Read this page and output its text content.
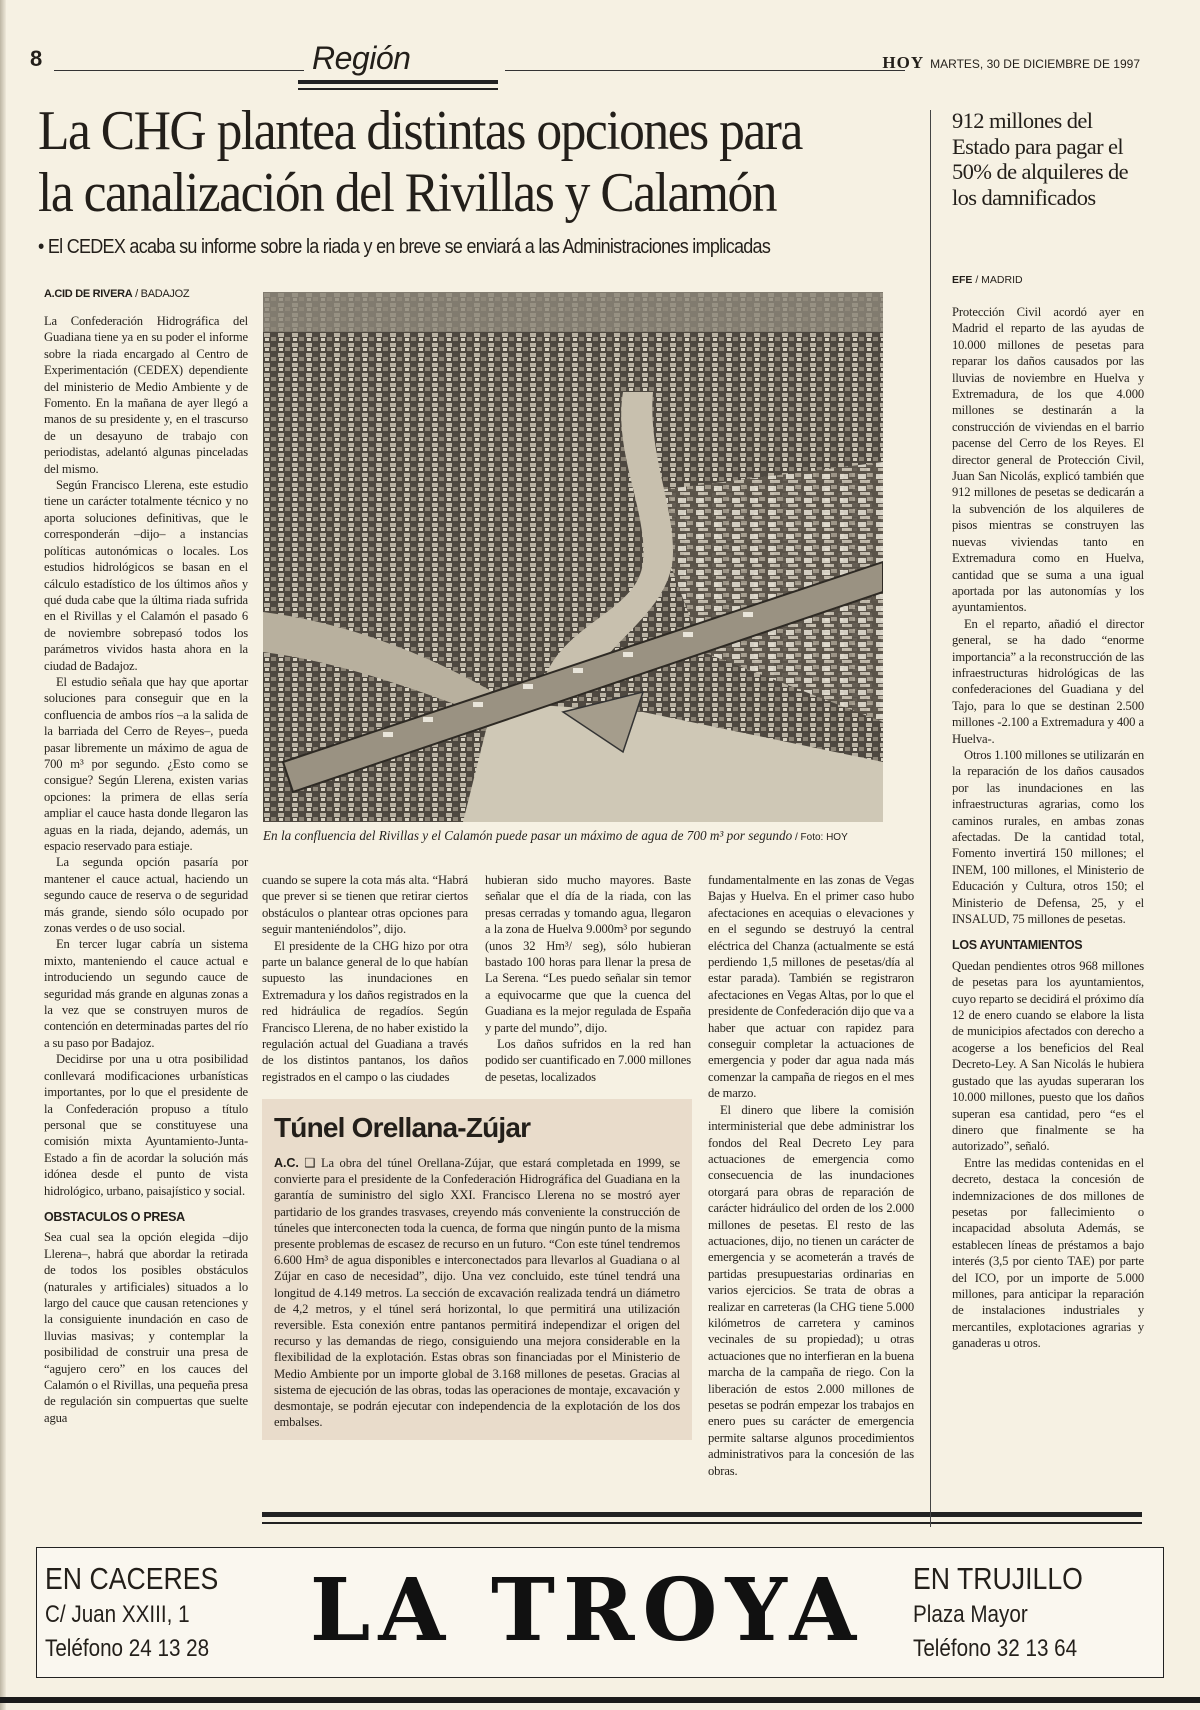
8	Región	HOY MARTES, 30 DE DICIEMBRE DE 1997
La CHG plantea distintas opciones para
la canalización del Rivillas y Calamón
• El CEDEX acaba su informe sobre la riada y en breve se enviará a las Administraciones implicadas
A.CID DE RIVERA / BADAJOZ

La Confederación Hidrográfica del Guadiana tiene ya en su poder el informe sobre la riada encargado al Centro de Experimentación (CEDEX) dependiente del ministerio de Medio Ambiente y de Fomento. En la mañana de ayer llegó a manos de su presidente y, en el trascurso de un desayuno de trabajo con periodistas, adelantó algunas pinceladas del mismo.

Según Francisco Llerena, este estudio tiene un carácter totalmente técnico y no aporta soluciones definitivas, que le corresponderán –dijo– a instancias políticas autonómicas o locales. Los estudios hidrológicos se basan en el cálculo estadístico de los últimos años y qué duda cabe que la última riada sufrida en el Rivillas y el Calamón el pasado 6 de noviembre sobrepasó todos los parámetros vividos hasta ahora en la ciudad de Badajoz.

El estudio señala que hay que aportar soluciones para conseguir que en la confluencia de ambos ríos –a la salida de la barriada del Cerro de Reyes–, pueda pasar libremente un máximo de agua de 700 m³ por segundo. ¿Esto como se consigue? Según Llerena, existen varias opciones: la primera de ellas sería ampliar el cauce hasta donde llegaron las aguas en la riada, dejando, además, un espacio reservado para estiaje.

La segunda opción pasaría por mantener el cauce actual, haciendo un segundo cauce de reserva o de seguridad más grande, siendo sólo ocupado por zonas verdes o de uso social.

En tercer lugar cabría un sistema mixto, manteniendo el cauce actual e introduciendo un segundo cauce de seguridad más grande en algunas zonas a la vez que se construyen muros de contención en determinadas partes del río a su paso por Badajoz.

Decidirse por una u otra posibilidad conllevará modificaciones urbanísticas importantes, por lo que el presidente de la Confederación propuso a título personal que se constituyese una comisión mixta Ayuntamiento-Junta-Estado a fin de acordar la solución más idónea desde el punto de vista hidrológico, urbano, paisajístico y social.

OBSTACULOS O PRESA

Sea cual sea la opción elegida –dijo Llerena–, habrá que abordar la retirada de todos los posibles obstáculos (naturales y artificiales) situados a lo largo del cauce que causan retenciones y la consiguiente inundación en caso de lluvias masivas; y contemplar la posibilidad de construir una presa de “agujero cero” en los cauces del Calamón o el Rivillas, una pequeña presa de regulación sin compuertas que suelte agua

En la confluencia del Rivillas y el Calamón puede pasar un máximo de agua de 700 m³ por segundo / Foto: HOY

cuando se supere la cota más alta. “Habrá que prever si se tienen que retirar ciertos obstáculos o plantear otras opciones para seguir manteniéndolos”, dijo.

El presidente de la CHG hizo por otra parte un balance general de lo que habían supuesto las inundaciones en Extremadura y los daños registrados en la red hidráulica de regadíos. Según Francisco Llerena, de no haber existido la regulación actual del Guadiana a través de los distintos pantanos, los daños registrados en el campo o las ciudades

hubieran sido mucho mayores. Baste señalar que el día de la riada, con las presas cerradas y tomando agua, llegaron a la zona de Huelva 9.000m³ por segundo (unos 32 Hm³/ seg), sólo hubieran bastado 100 horas para llenar la presa de La Serena. “Les puedo señalar sin temor a equivocarme que que la cuenca del Guadiana es la mejor regulada de España y parte del mundo”, dijo.

Los daños sufridos en la red han podido ser cuantificado en 7.000 millones de pesetas, localizados

fundamentalmente en las zonas de Vegas Bajas y Huelva. En el primer caso hubo afectaciones en acequias o elevaciones y en el segundo se destruyó la central eléctrica del Chanza (actualmente se está perdiendo 1,5 millones de pesetas/día al estar parada). También se registraron afectaciones en Vegas Altas, por lo que el presidente de Confederación dijo que va a haber que actuar con rapidez para conseguir completar la actuaciones de emergencia y poder dar agua nada más comenzar la campaña de riegos en el mes de marzo.

El dinero que libere la comisión interministerial que debe administrar los fondos del Real Decreto Ley para actuaciones de emergencia como consecuencia de las inundaciones otorgará para obras de reparación de carácter hidráulico del orden de los 2.000 millones de pesetas. El resto de las actuaciones, dijo, no tienen un carácter de emergencia y se acometerán a través de partidas presupuestarias ordinarias en varios ejercicios. Se trata de obras a realizar en carreteras (la CHG tiene 5.000 kilómetros de carretera y caminos vecinales de su propiedad); u otras actuaciones que no interfieran en la buena marcha de la campaña de riego. Con la liberación de estos 2.000 millones de pesetas se podrán empezar los trabajos en enero pues su carácter de emergencia permite saltarse algunos procedimientos administrativos para la concesión de las obras.

Túnel Orellana-Zújar
A.C. ❑ La obra del túnel Orellana-Zújar, que estará completada en 1999, se convierte para el presidente de la Confederación Hidrográfica del Guadiana en la garantía de suministro del siglo XXI. Francisco Llerena no se mostró ayer partidario de los grandes trasvases, creyendo más conveniente la construcción de túneles que interconecten toda la cuenca, de forma que ningún punto de la misma presente problemas de escasez de recurso en un futuro. “Con este túnel tendremos 6.600 Hm³ de agua disponibles e interconectados para llevarlos al Guadiana o al Zújar en caso de necesidad”, dijo. Una vez concluido, este túnel tendrá una longitud de 4.149 metros. La sección de excavación realizada tendrá un diámetro de 4,2 metros, y el túnel será horizontal, lo que permitirá una utilización reversible. Esta conexión entre pantanos permitirá independizar el origen del recurso y las demandas de riego, consiguiendo una mejora considerable en la flexibilidad de la explotación. Estas obras son financiadas por el Ministerio de Medio Ambiente por un importe global de 3.168 millones de pesetas. Gracias al sistema de ejecución de las obras, todas las operaciones de montaje, excavación y desmontaje, se podrán ejecutar con independencia de la explotación de los dos embalses.
912 millones del Estado para pagar el 50% de alquileres de los damnificados
EFE / MADRID

Protección Civil acordó ayer en Madrid el reparto de las ayudas de 10.000 millones de pesetas para reparar los daños causados por las lluvias de noviembre en Huelva y Extremadura, de los que 4.000 millones se destinarán a la construcción de viviendas en el barrio pacense del Cerro de los Reyes. El director general de Protección Civil, Juan San Nicolás, explicó también que 912 millones de pesetas se dedicarán a la subvención de los alquileres de pisos mientras se construyen las nuevas viviendas tanto en Extremadura como en Huelva, cantidad que se suma a una igual aportada por las autonomías y los ayuntamientos.

En el reparto, añadió el director general, se ha dado “enorme importancia” a la reconstrucción de las infraestructuras hidrológicas de las confederaciones del Guadiana y del Tajo, para lo que se destinan 2.500 millones -2.100 a Extremadura y 400 a Huelva-.

Otros 1.100 millones se utilizarán en la reparación de los daños causados por las inundaciones en las infraestructuras agrarias, como los caminos rurales, en ambas zonas afectadas. De la cantidad total, Fomento invertirá 150 millones; el INEM, 100 millones, el Ministerio de Educación y Cultura, otros 150; el Ministerio de Defensa, 25, y el INSALUD, 75 millones de pesetas.

LOS AYUNTAMIENTOS

Quedan pendientes otros 968 millones de pesetas para los ayuntamientos, cuyo reparto se decidirá el próximo día 12 de enero cuando se elabore la lista de municipios afectados con derecho a acogerse a los beneficios del Real Decreto-Ley. A San Nicolás le hubiera gustado que las ayudas superaran los 10.000 millones, puesto que los daños superan esa cantidad, pero “es el dinero que finalmente se ha autorizado”, señaló.

Entre las medidas contenidas en el decreto, destaca la concesión de indemnizaciones de dos millones de pesetas por fallecimiento o incapacidad absoluta Además, se establecen líneas de préstamos a bajo interés (3,5 por ciento TAE) por parte del ICO, por un importe de 5.000 millones, para anticipar la reparación de instalaciones industriales y mercantiles, explotaciones agrarias y ganaderas u otros.

EN CACERES
C/ Juan XXIII, 1
Teléfono 24 13 28 LA TROYA EN TRUJILLO
Plaza Mayor
Teléfono 32 13 64
